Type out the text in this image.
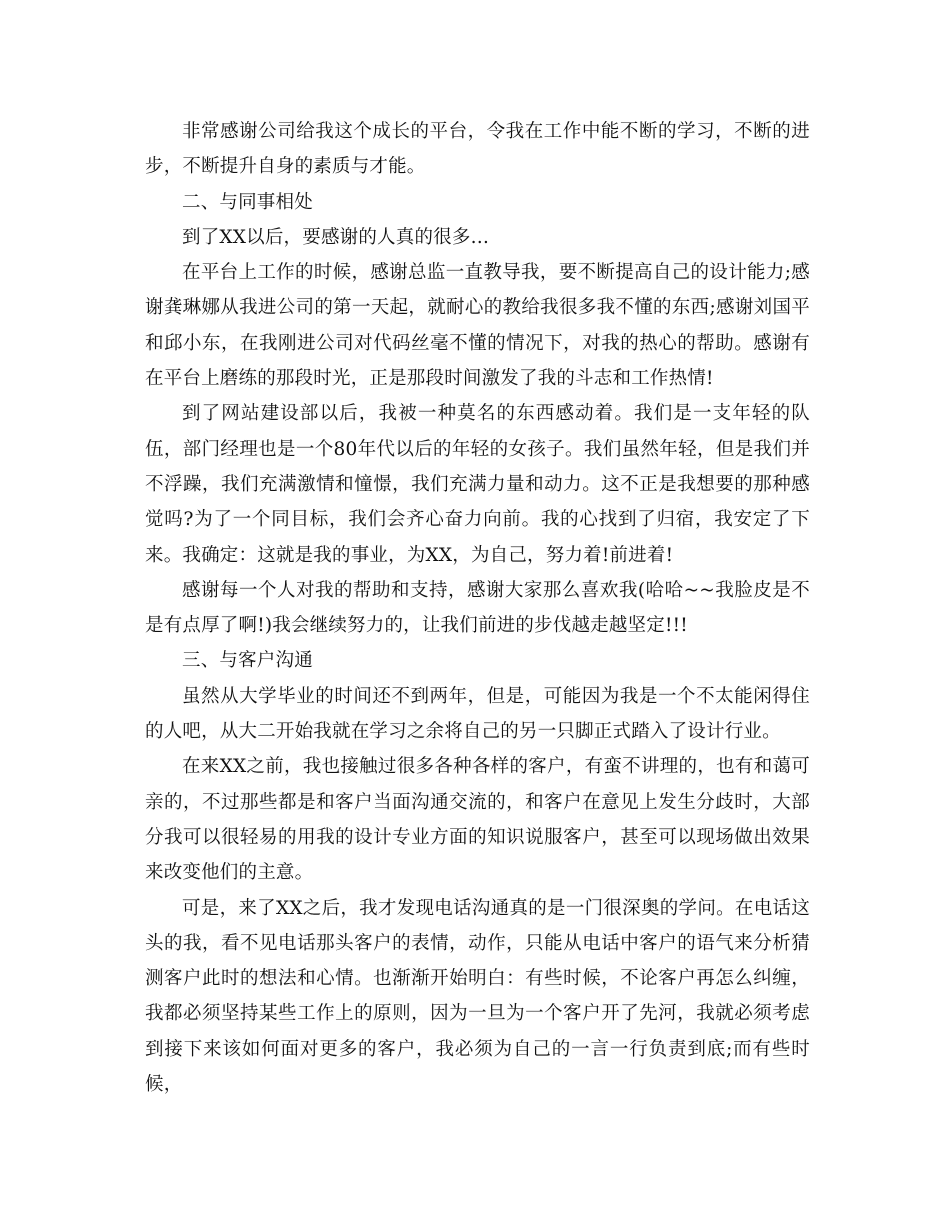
非常感谢公司给我这个成长的平台，令我在工作中能不断的学习，不断的进步，不断提升自身的素质与才能。

二、与同事相处

到了XX以后，要感谢的人真的很多…

在平台上工作的时候，感谢总监一直教导我，要不断提高自己的设计能力;感谢龚琳娜从我进公司的第一天起，就耐心的教给我很多我不懂的东西;感谢刘国平和邱小东，在我刚进公司对代码丝毫不懂的情况下，对我的热心的帮助。感谢有在平台上磨练的那段时光，正是那段时间激发了我的斗志和工作热情!

到了网站建设部以后，我被一种莫名的东西感动着。我们是一支年轻的队伍，部门经理也是一个80年代以后的年轻的女孩子。我们虽然年轻，但是我们并不浮躁，我们充满激情和憧憬，我们充满力量和动力。这不正是我想要的那种感觉吗?为了一个同目标，我们会齐心奋力向前。我的心找到了归宿，我安定了下来。我确定：这就是我的事业，为XX，为自己，努力着!前进着!

感谢每一个人对我的帮助和支持，感谢大家那么喜欢我(哈哈~~我脸皮是不是有点厚了啊!)我会继续努力的，让我们前进的步伐越走越坚定!!!

三、与客户沟通

虽然从大学毕业的时间还不到两年，但是，可能因为我是一个不太能闲得住的人吧，从大二开始我就在学习之余将自己的另一只脚正式踏入了设计行业。

在来XX之前，我也接触过很多各种各样的客户，有蛮不讲理的，也有和蔼可亲的，不过那些都是和客户当面沟通交流的，和客户在意见上发生分歧时，大部分我可以很轻易的用我的设计专业方面的知识说服客户，甚至可以现场做出效果来改变他们的主意。

可是，来了XX之后，我才发现电话沟通真的是一门很深奥的学问。在电话这头的我，看不见电话那头客户的表情，动作，只能从电话中客户的语气来分析猜测客户此时的想法和心情。也渐渐开始明白：有些时候，不论客户再怎么纠缠，我都必须坚持某些工作上的原则，因为一旦为一个客户开了先河，我就必须考虑到接下来该如何面对更多的客户，我必须为自己的一言一行负责到底;而有些时候，
